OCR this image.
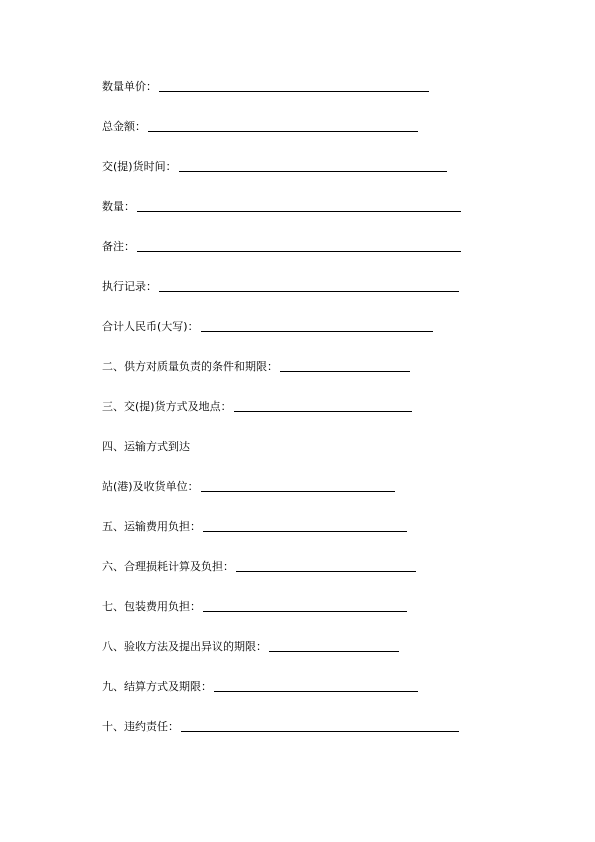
数量单价：
总金额：
交(提)货时间：
数量：
备注：
执行记录：
合计人民币(大写)：
二、供方对质量负责的条件和期限：
三、交(提)货方式及地点：
四、运输方式到达
站(港)及收货单位：
五、运输费用负担：
六、合理损耗计算及负担：
七、包装费用负担：
八、验收方法及提出异议的期限：
九、结算方式及期限：
十、违约责任：
